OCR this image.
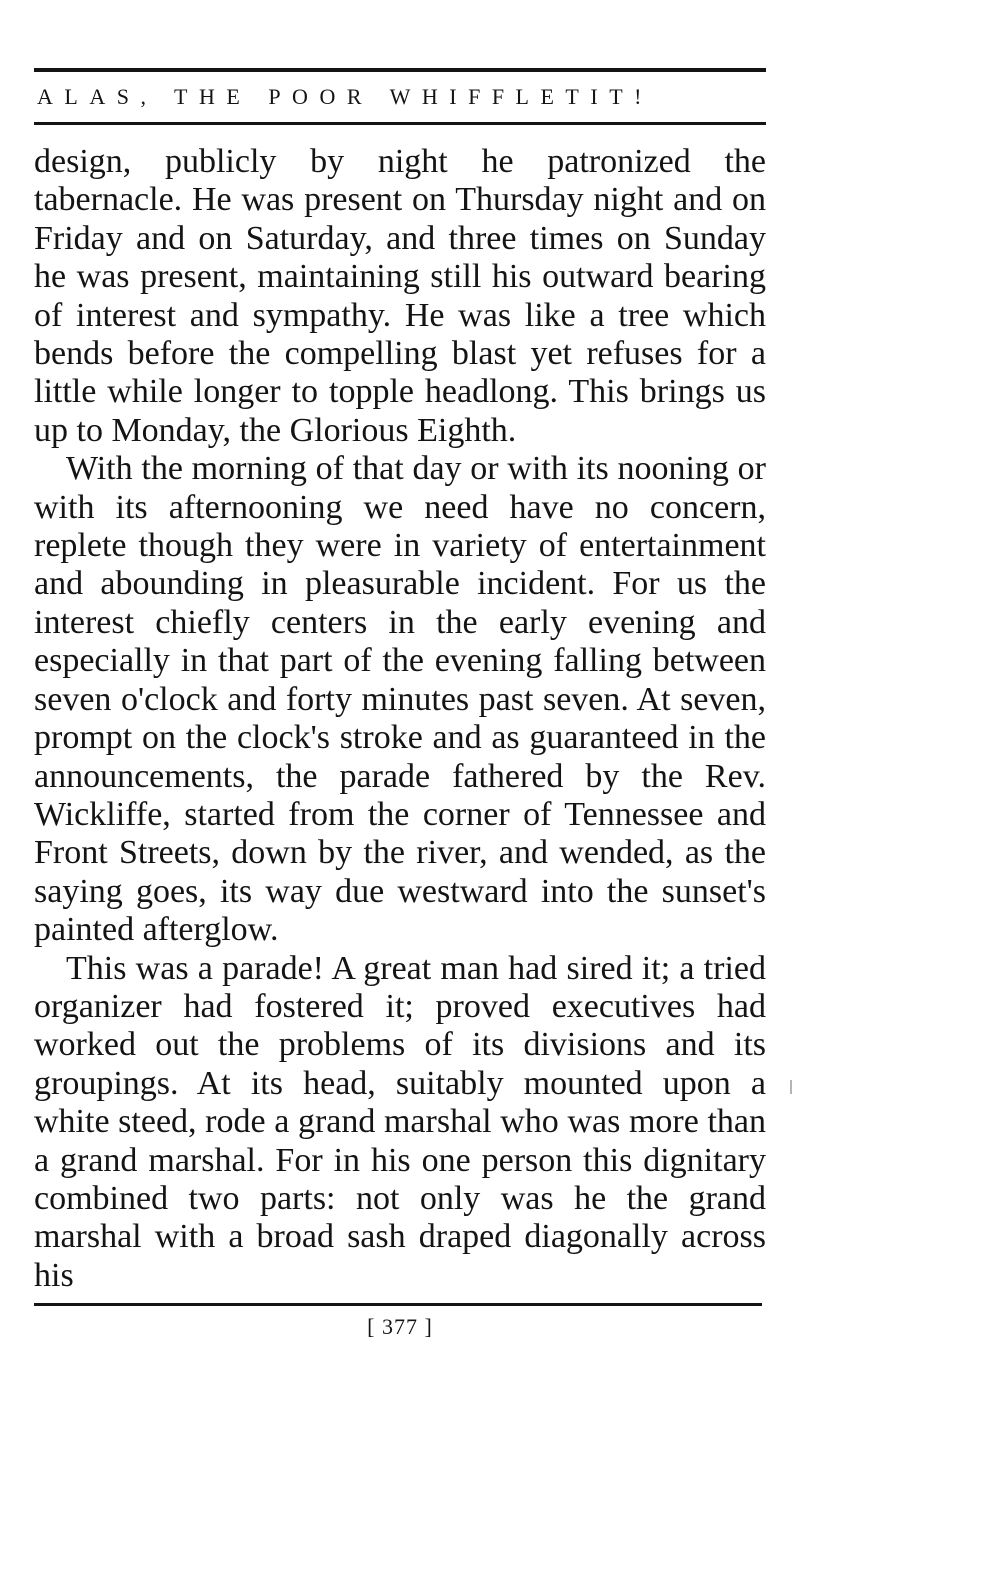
ALAS, THE POOR WHIFFLETIT!

design, publicly by night he patronized the tabernacle. He was present on Thursday night and on Friday and on Saturday, and three times on Sunday he was present, maintaining still his outward bearing of interest and sympathy. He was like a tree which bends before the compelling blast yet refuses for a little while longer to topple headlong. This brings us up to Monday, the Glorious Eighth.

With the morning of that day or with its nooning or with its afternooning we need have no concern, replete though they were in variety of entertainment and abounding in pleasurable incident. For us the interest chiefly centers in the early evening and especially in that part of the evening falling between seven o'clock and forty minutes past seven. At seven, prompt on the clock's stroke and as guaranteed in the announcements, the parade fathered by the Rev. Wickliffe, started from the corner of Tennessee and Front Streets, down by the river, and wended, as the saying goes, its way due westward into the sunset's painted afterglow.

This was a parade! A great man had sired it; a tried organizer had fostered it; proved executives had worked out the problems of its divisions and its groupings. At its head, suitably mounted upon a white steed, rode a grand marshal who was more than a grand marshal. For in his one person this dignitary combined two parts: not only was he the grand marshal with a broad sash draped diagonally across his

[ 377 ]
